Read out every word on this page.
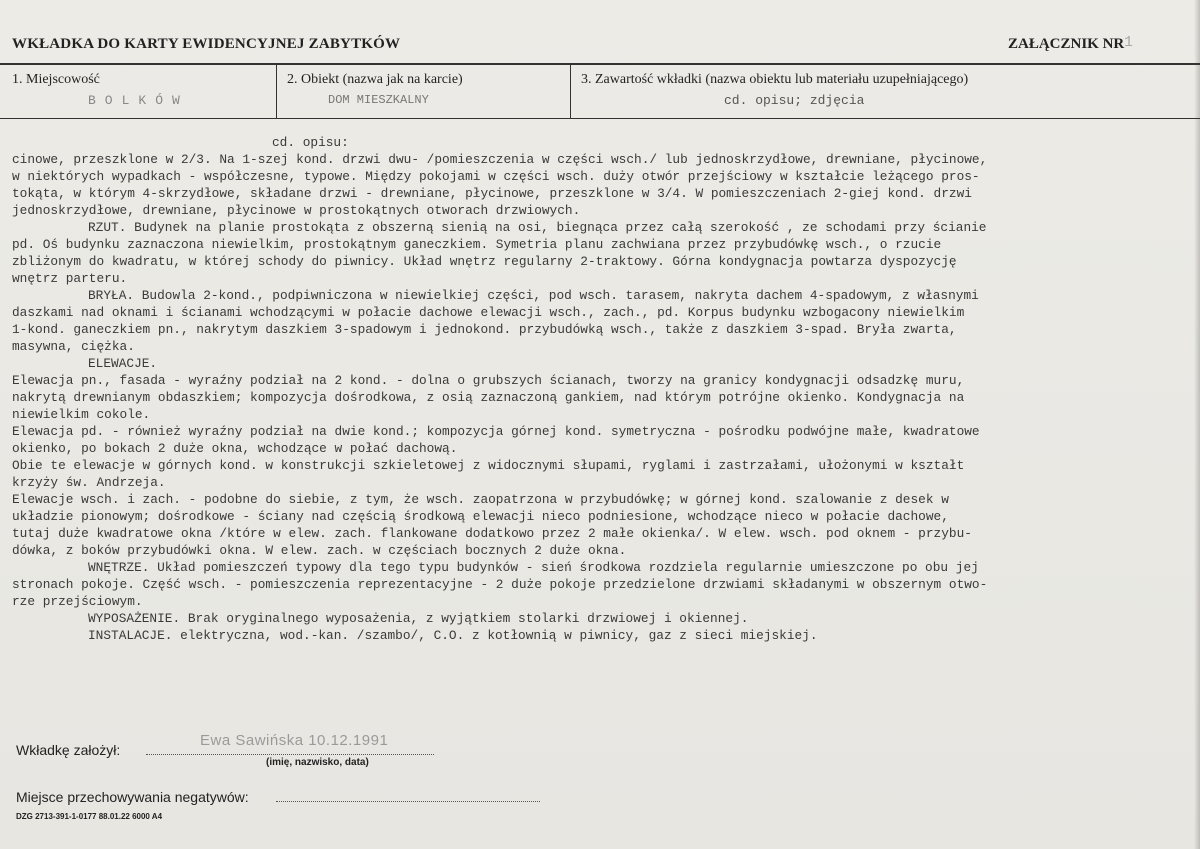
WKŁADKA DO KARTY EWIDENCYJNEJ ZABYTKÓW	ZAŁĄCZNIK NR 1
1. Miejscowość
BOLKÓW
2. Obiekt (nazwa jak na karcie)
DOM MIESZKALNY
3. Zawartość wkładki (nazwa obiektu lub materiału uzupełniającego)
cd. opisu; zdjęcia
cd. opisu:
cinowe, przeszklone w 2/3. Na 1-szej kond. drzwi dwu- /pomieszczenia w części wsch./ lub jednoskrzydłowe, drewniane, płycinowe,
w niektórych wypadkach - współczesne, typowe. Między pokojami w części wsch. duży otwór przejściowy w kształcie leżącego pros-
tokąta, w którym 4-skrzydłowe, składane drzwi - drewniane, płycinowe, przeszklone w 3/4. W pomieszczeniach 2-giej kond. drzwi
jednoskrzydłowe, drewniane, płycinowe w prostokątnych otworach drzwiowych.
RZUT. Budynek na planie prostokąta z obszerną sienią na osi, biegnąca przez całą szerokość , ze schodami przy ścianie
pd. Oś budynku zaznaczona niewielkim, prostokątnym ganeczkiem. Symetria planu zachwiana przez przybudówkę wsch., o rzucie
zbliżonym do kwadratu, w której schody do piwnicy. Układ wnętrz regularny 2-traktowy. Górna kondygnacja powtarza dyspozycję
wnętrz parteru.
BRYŁA. Budowla 2-kond., podpiwniczona w niewielkiej części, pod wsch. tarasem, nakryta dachem 4-spadowym, z własnymi
daszkami nad oknami i ścianami wchodzącymi w połacie dachowe elewacji wsch., zach., pd. Korpus budynku wzbogacony niewielkim
1-kond. ganeczkiem pn., nakrytym daszkiem 3-spadowym i jednokond. przybudówką wsch., także z daszkiem 3-spad. Bryła zwarta,
masywna, ciężka.
ELEWACJE.
Elewacja pn., fasada - wyraźny podział na 2 kond. - dolna o grubszych ścianach, tworzy na granicy kondygnacji odsadzkę muru,
nakrytą drewnianym obdaszkiem; kompozycja dośrodkowa, z osią zaznaczoną gankiem, nad którym potrójne okienko. Kondygnacja na
niewielkim cokole.
Elewacja pd. - również wyraźny podział na dwie kond.; kompozycja górnej kond. symetryczna - pośrodku podwójne małe, kwadratowe
okienko, po bokach 2 duże okna, wchodzące w połać dachową.
Obie te elewacje w górnych kond. w konstrukcji szkieletowej z widocznymi słupami, ryglami i zastrzałami, ułożonymi w kształt
krzyży św. Andrzeja.
Elewacje wsch. i zach. - podobne do siebie, z tym, że wsch. zaopatrzona w przybudówkę; w górnej kond. szalowanie z desek w
układzie pionowym; dośrodkowe - ściany nad częścią środkową elewacji nieco podniesione, wchodzące nieco w połacie dachowe,
tutaj duże kwadratowe okna /które w elew. zach. flankowane dodatkowo przez 2 małe okienka/. W elew. wsch. pod oknem - przybu-
dówka, z boków przybudówki okna. W elew. zach. w częściach bocznych 2 duże okna.
WNĘTRZE. Układ pomieszczeń typowy dla tego typu budynków - sień środkowa rozdziela regularnie umieszczone po obu jej
stronach pokoje. Część wsch. - pomieszczenia reprezentacyjne - 2 duże pokoje przedzielone drzwiami składanymi w obszernym otwo-
rze przejściowym.
WYPOSAŻENIE. Brak oryginalnego wyposażenia, z wyjątkiem stolarki drzwiowej i okiennej.
INSTALACJE. elektryczna, wod.-kan. /szambo/, C.O. z kotłownią w piwnicy, gaz z sieci miejskiej.
Wkładkę założył:
Ewa Sawińska 10.12.1991
(imię, nazwisko, data)
Miejsce przechowywania negatywów:
DZG 2713-391-1-0177 88.01.22 6000 A4
